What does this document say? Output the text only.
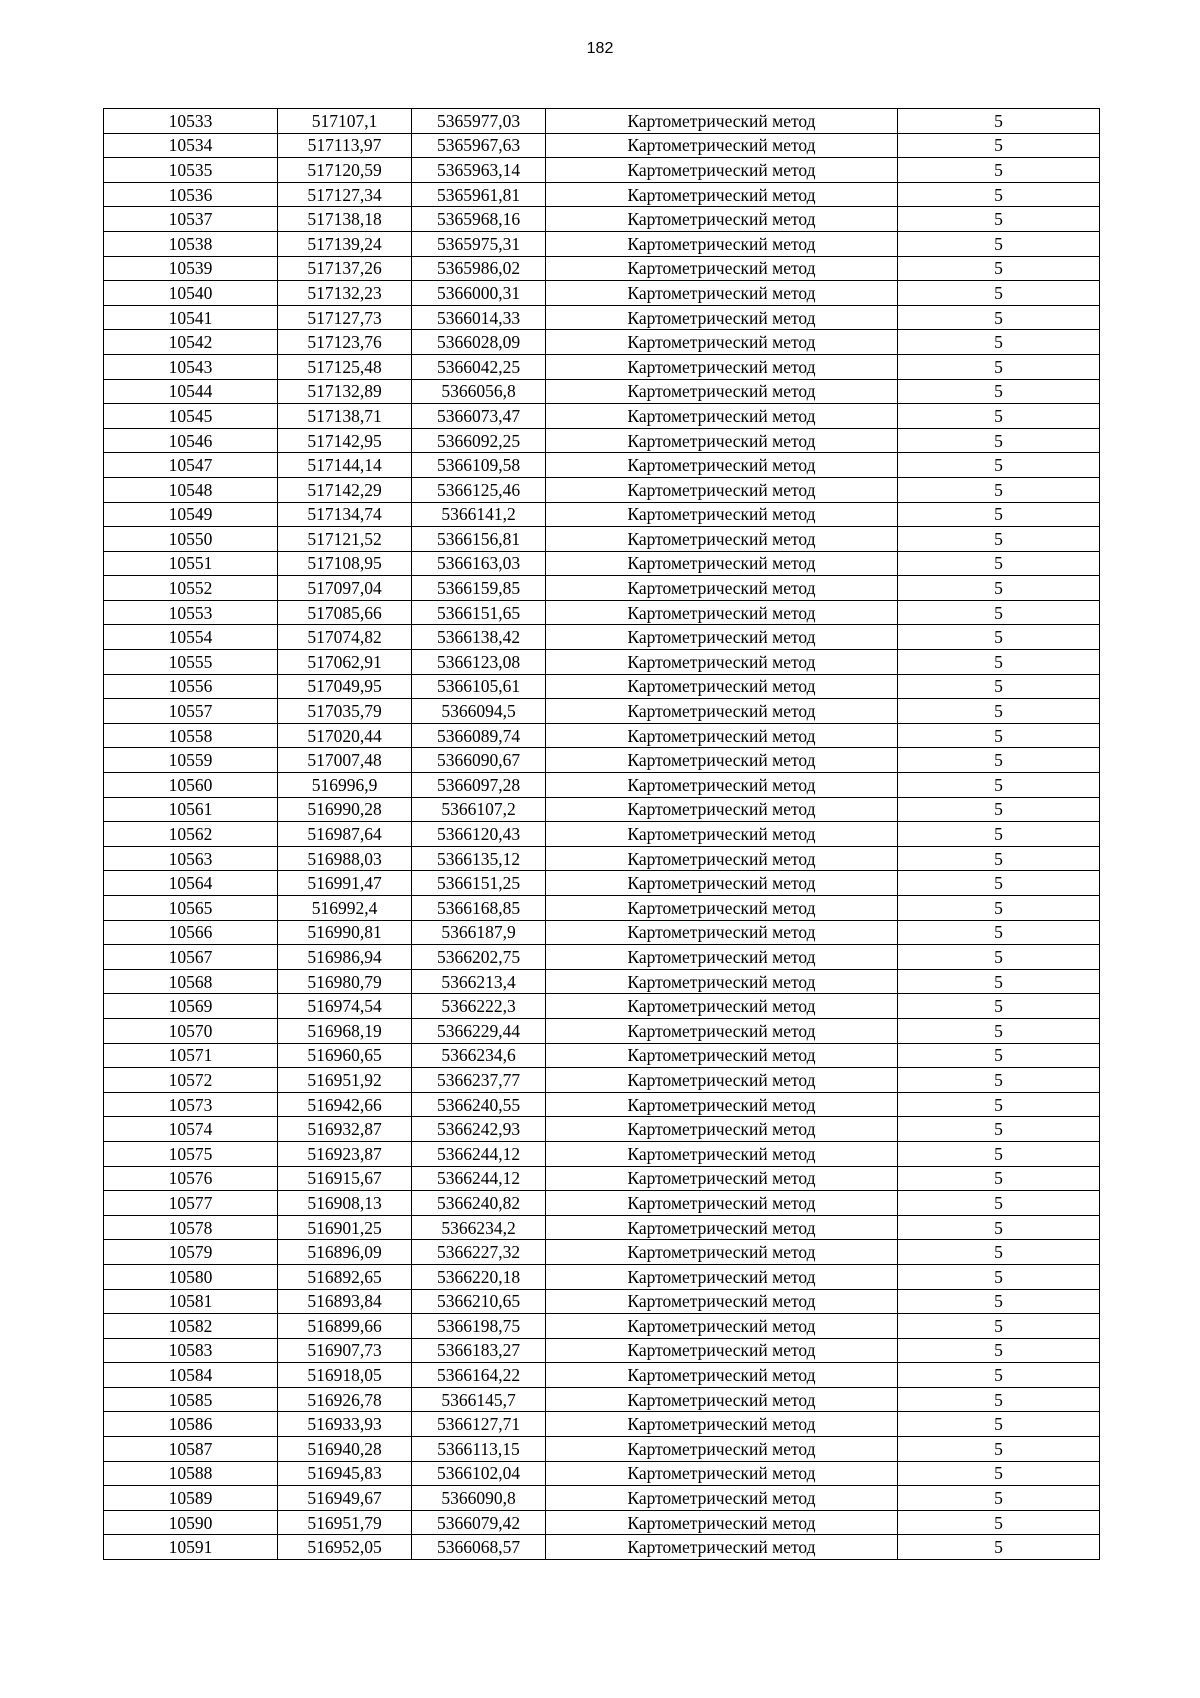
182
10533	517107,1	5365977,03	Картометрический метод	5
10534	517113,97	5365967,63	Картометрический метод	5
10535	517120,59	5365963,14	Картометрический метод	5
10536	517127,34	5365961,81	Картометрический метод	5
10537	517138,18	5365968,16	Картометрический метод	5
10538	517139,24	5365975,31	Картометрический метод	5
10539	517137,26	5365986,02	Картометрический метод	5
10540	517132,23	5366000,31	Картометрический метод	5
10541	517127,73	5366014,33	Картометрический метод	5
10542	517123,76	5366028,09	Картометрический метод	5
10543	517125,48	5366042,25	Картометрический метод	5
10544	517132,89	5366056,8	Картометрический метод	5
10545	517138,71	5366073,47	Картометрический метод	5
10546	517142,95	5366092,25	Картометрический метод	5
10547	517144,14	5366109,58	Картометрический метод	5
10548	517142,29	5366125,46	Картометрический метод	5
10549	517134,74	5366141,2	Картометрический метод	5
10550	517121,52	5366156,81	Картометрический метод	5
10551	517108,95	5366163,03	Картометрический метод	5
10552	517097,04	5366159,85	Картометрический метод	5
10553	517085,66	5366151,65	Картометрический метод	5
10554	517074,82	5366138,42	Картометрический метод	5
10555	517062,91	5366123,08	Картометрический метод	5
10556	517049,95	5366105,61	Картометрический метод	5
10557	517035,79	5366094,5	Картометрический метод	5
10558	517020,44	5366089,74	Картометрический метод	5
10559	517007,48	5366090,67	Картометрический метод	5
10560	516996,9	5366097,28	Картометрический метод	5
10561	516990,28	5366107,2	Картометрический метод	5
10562	516987,64	5366120,43	Картометрический метод	5
10563	516988,03	5366135,12	Картометрический метод	5
10564	516991,47	5366151,25	Картометрический метод	5
10565	516992,4	5366168,85	Картометрический метод	5
10566	516990,81	5366187,9	Картометрический метод	5
10567	516986,94	5366202,75	Картометрический метод	5
10568	516980,79	5366213,4	Картометрический метод	5
10569	516974,54	5366222,3	Картометрический метод	5
10570	516968,19	5366229,44	Картометрический метод	5
10571	516960,65	5366234,6	Картометрический метод	5
10572	516951,92	5366237,77	Картометрический метод	5
10573	516942,66	5366240,55	Картометрический метод	5
10574	516932,87	5366242,93	Картометрический метод	5
10575	516923,87	5366244,12	Картометрический метод	5
10576	516915,67	5366244,12	Картометрический метод	5
10577	516908,13	5366240,82	Картометрический метод	5
10578	516901,25	5366234,2	Картометрический метод	5
10579	516896,09	5366227,32	Картометрический метод	5
10580	516892,65	5366220,18	Картометрический метод	5
10581	516893,84	5366210,65	Картометрический метод	5
10582	516899,66	5366198,75	Картометрический метод	5
10583	516907,73	5366183,27	Картометрический метод	5
10584	516918,05	5366164,22	Картометрический метод	5
10585	516926,78	5366145,7	Картометрический метод	5
10586	516933,93	5366127,71	Картометрический метод	5
10587	516940,28	5366113,15	Картометрический метод	5
10588	516945,83	5366102,04	Картометрический метод	5
10589	516949,67	5366090,8	Картометрический метод	5
10590	516951,79	5366079,42	Картометрический метод	5
10591	516952,05	5366068,57	Картометрический метод	5
